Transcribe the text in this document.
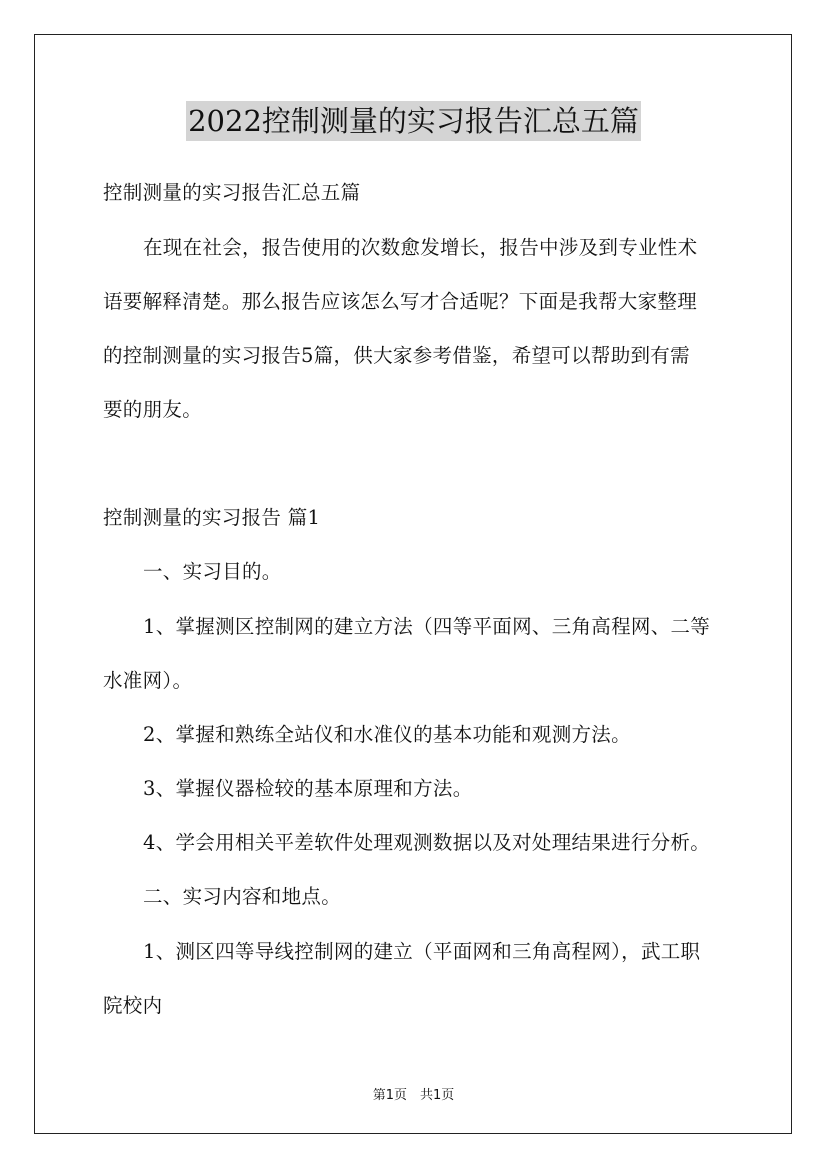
2022控制测量的实习报告汇总五篇
控制测量的实习报告汇总五篇
在现在社会，报告使用的次数愈发增长，报告中涉及到专业性术
语要解释清楚。那么报告应该怎么写才合适呢？下面是我帮大家整理
的控制测量的实习报告5篇，供大家参考借鉴，希望可以帮助到有需
要的朋友。
控制测量的实习报告 篇1
一、实习目的。
1、掌握测区控制网的建立方法（四等平面网、三角高程网、二等
水准网）。
2、掌握和熟练全站仪和水准仪的基本功能和观测方法。
3、掌握仪器检较的基本原理和方法。
4、学会用相关平差软件处理观测数据以及对处理结果进行分析。
二、实习内容和地点。
1、测区四等导线控制网的建立（平面网和三角高程网），武工职
院校内
第1页　共1页
